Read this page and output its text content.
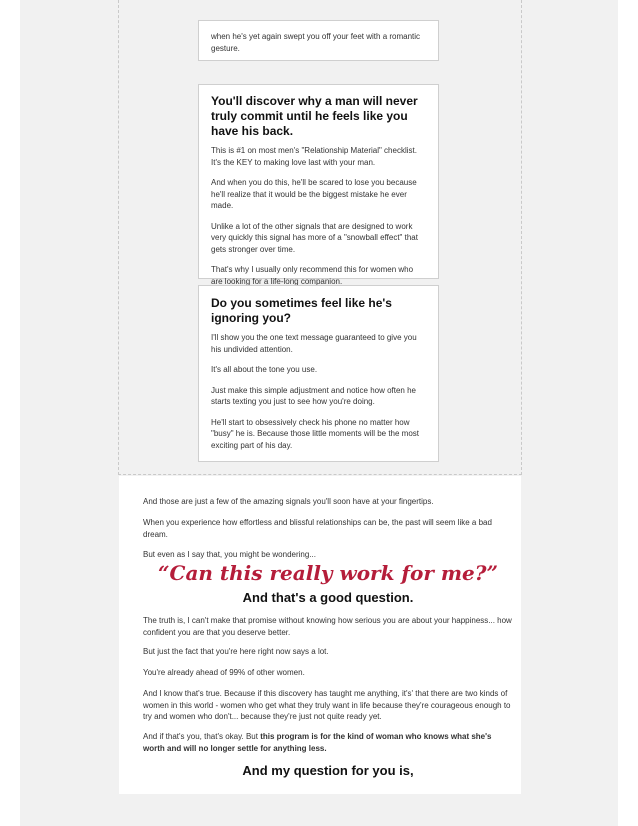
when he's yet again swept you off your feet with a romantic gesture.

You'll discover why a man will never truly commit until he feels like you have his back.

This is #1 on most men's "Relationship Material" checklist. It's the KEY to making love last with your man.

And when you do this, he'll be scared to lose you because he'll realize that it would be the biggest mistake he ever made.

Unlike a lot of the other signals that are designed to work very quickly this signal has more of a "snowball effect" that gets stronger over time.

That's why I usually only recommend this for women who are looking for a life-long companion.

Do you sometimes feel like he's ignoring you?

I'll show you the one text message guaranteed to give you his undivided attention.

It's all about the tone you use.

Just make this simple adjustment and notice how often he starts texting you just to see how you're doing.

He'll start to obsessively check his phone no matter how "busy" he is. Because those little moments will be the most exciting part of his day.

And those are just a few of the amazing signals you'll soon have at your fingertips.

When you experience how effortless and blissful relationships can be, the past will seem like a bad dream.

But even as I say that, you might be wondering...

“Can this really work for me?”

And that's a good question.

The truth is, I can't make that promise without knowing how serious you are about your happiness... how confident you are that you deserve better.

But just the fact that you're here right now says a lot.

You're already ahead of 99% of other women.

And I know that's true. Because if this discovery has taught me anything, it's' that there are two kinds of women in this world - women who get what they truly want in life because they're courageous enough to try and women who don't... because they're just not quite ready yet.

And if that's you, that's okay. But this program is for the kind of woman who knows what she's worth and will no longer settle for anything less.

And my question for you is,
